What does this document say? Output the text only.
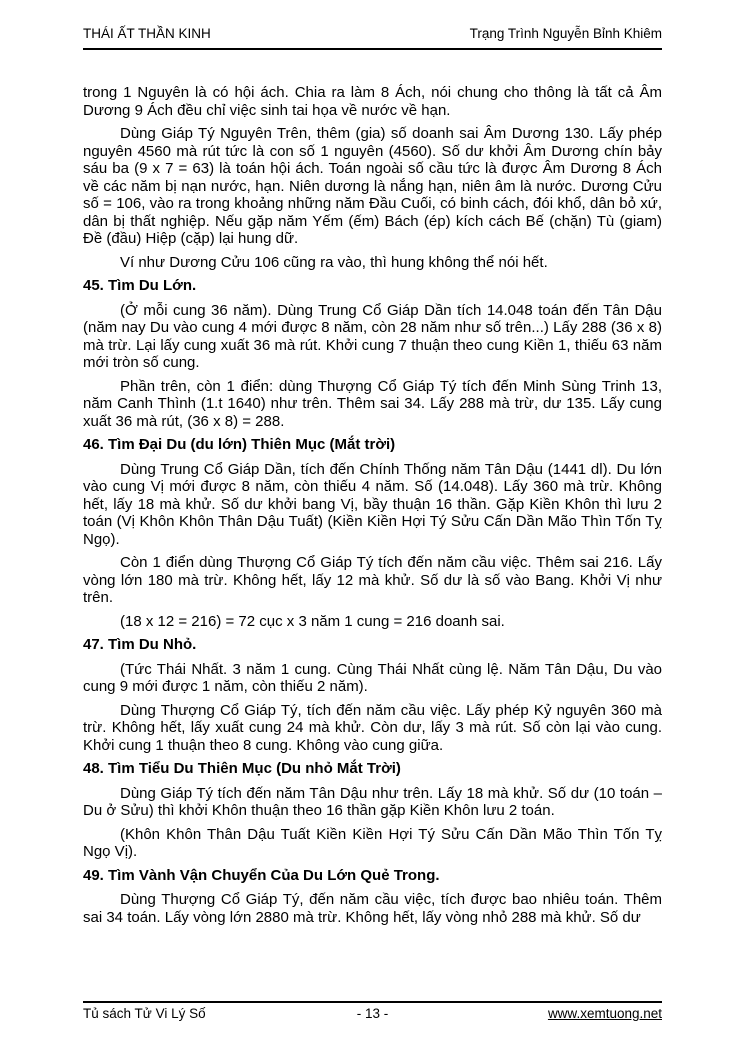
THÁI ẤT THẦN KINH	Trạng Trình Nguyễn Bỉnh Khiêm

trong 1 Nguyên là có hội ách. Chia ra làm 8 Ách, nói chung cho thông là tất cả Âm Dương 9 Ách đều chỉ việc sinh tai họa về nước về hạn.

Dùng Giáp Tý Nguyên Trên, thêm (gia) số doanh sai Âm Dương 130. Lấy phép nguyên 4560 mà rút tức là con số 1 nguyên (4560). Số dư khởi Âm Dương chín bảy sáu ba (9 x 7 = 63) là toán hội ách. Toán ngoài số cầu tức là được Âm Dương 8 Ách về các năm bị nạn nước, hạn. Niên dương là nắng hạn, niên âm là nước. Dương Cửu số = 106, vào ra trong khoảng những năm Đầu Cuối, có binh cách, đói khổ, dân bỏ xứ, dân bị thất nghiệp. Nếu gặp năm Yếm (ếm) Bách (ép) kích cách Bế (chặn) Tù (giam) Đề (đầu) Hiệp (cặp) lại hung dữ.

Ví như Dương Cửu 106 cũng ra vào, thì hung không thể nói hết.

45. Tìm Du Lớn.

(Ở mỗi cung 36 năm). Dùng Trung Cổ Giáp Dần tích 14.048 toán đến Tân Dậu (năm nay Du vào cung 4 mới được 8 năm, còn 28 năm như số trên...) Lấy 288 (36 x 8) mà trừ. Lại lấy cung xuất 36 mà rút. Khởi cung 7 thuận theo cung Kiền 1, thiếu 63 năm mới tròn số cung.

Phần trên, còn 1 điển: dùng Thượng Cổ Giáp Tý tích đến Minh Sùng Trinh 13, năm Canh Thình (1.t 1640) như trên. Thêm sai 34. Lấy 288 mà trừ, dư 135. Lấy cung xuất 36 mà rút, (36 x 8) = 288.

46. Tìm Đại Du (du lớn) Thiên Mục (Mắt trời)

Dùng Trung Cổ Giáp Dần, tích đến Chính Thống năm Tân Dậu (1441 dl). Du lớn vào cung Vị mới được 8 năm, còn thiếu 4 năm. Số (14.048). Lấy 360 mà trừ. Không hết, lấy 18 mà khử. Số dư khởi bang Vị, bầy thuận 16 thần. Gặp Kiền Khôn thì lưu 2 toán (Vị Khôn Khôn Thân Dậu Tuất) (Kiền Kiền Hợi Tý Sửu Cấn Dần Mão Thìn Tốn Tỵ Ngọ).

Còn 1 điển dùng Thượng Cổ Giáp Tý tích đến năm cầu việc. Thêm sai 216. Lấy vòng lớn 180 mà trừ. Không hết, lấy 12 mà khử. Số dư là số vào Bang. Khởi Vị như trên.

(18 x 12 = 216) = 72 cục x 3 năm 1 cung = 216 doanh sai.

47. Tìm Du Nhỏ.

(Tức Thái Nhất. 3 năm 1 cung. Cùng Thái Nhất cùng lệ. Năm Tân Dậu, Du vào cung 9 mới được 1 năm, còn thiếu 2 năm).

Dùng Thượng Cổ Giáp Tý, tích đến năm cầu việc. Lấy phép Kỷ nguyên 360 mà trừ. Không hết, lấy xuất cung 24 mà khử. Còn dư, lấy 3 mà rút. Số còn lại vào cung. Khởi cung 1 thuận theo 8 cung. Không vào cung giữa.

48. Tìm Tiểu Du Thiên Mục (Du nhỏ Mắt Trời)

Dùng Giáp Tý tích đến năm Tân Dậu như trên. Lấy 18 mà khử. Số dư (10 toán – Du ở Sửu) thì khởi Khôn thuận theo 16 thần gặp Kiền Khôn lưu 2 toán.

(Khôn Khôn Thân Dậu Tuất Kiền Kiền Hợi Tý Sửu Cấn Dần Mão Thìn Tốn Tỵ Ngọ Vị).

49. Tìm Vành Vận Chuyển Của Du Lớn Quẻ Trong.

Dùng Thượng Cổ Giáp Tý, đến năm cầu việc, tích được bao nhiêu toán. Thêm sai 34 toán. Lấy vòng lớn 2880 mà trừ. Không hết, lấy vòng nhỏ 288 mà khử. Số dư

Tủ sách Tử Vi Lý Số	- 13 -	www.xemtuong.net
